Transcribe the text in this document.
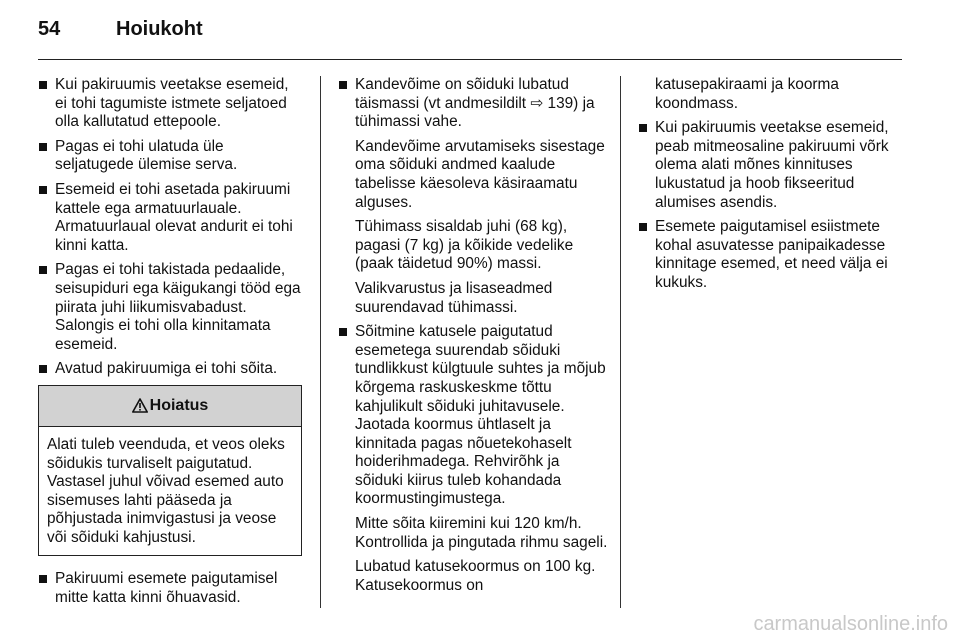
54	Hoiukoht
Kui pakiruumis veetakse esemeid, ei tohi tagumiste istmete seljatoed olla kallutatud ettepoole.
Pagas ei tohi ulatuda üle seljatugede ülemise serva.
Esemeid ei tohi asetada pakiruumi kattele ega armatuurlauale. Armatuurlaual olevat andurit ei tohi kinni katta.
Pagas ei tohi takistada pedaalide, seisupiduri ega käigukangi tööd ega piirata juhi liikumisvabadust. Salongis ei tohi olla kinnitamata esemeid.
Avatud pakiruumiga ei tohi sõita.
Hoiatus
Alati tuleb veenduda, et veos oleks sõidukis turvaliselt paigutatud. Vastasel juhul võivad esemed auto sisemuses lahti pääseda ja põhjustada inimvigastusi ja veose või sõiduki kahjustusi.
Pakiruumi esemete paigutamisel mitte katta kinni õhuavasid.
Kandevõime on sõiduki lubatud täismassi (vt andmesildilt ⇨ 139) ja tühimassi vahe.
Kandevõime arvutamiseks sisestage oma sõiduki andmed kaalude tabelisse käesoleva käsiraamatu alguses.
Tühimass sisaldab juhi (68 kg), pagasi (7 kg) ja kõikide vedelike (paak täidetud 90%) massi.
Valikvarustus ja lisaseadmed suurendavad tühimassi.
Sõitmine katusele paigutatud esemetega suurendab sõiduki tundlikkust külgtuule suhtes ja mõjub kõrgema raskuskeskme tõttu kahjulikult sõiduki juhitavusele. Jaotada koormus ühtlaselt ja kinnitada pagas nõuetekohaselt hoiderihmadega. Rehvirõhk ja sõiduki kiirus tuleb kohandada koormustingimustega.
Mitte sõita kiiremini kui 120 km/h. Kontrollida ja pingutada rihmu sageli.
Lubatud katusekoormus on 100 kg. Katusekoormus on
katusepakiraami ja koorma koondmass.
Kui pakiruumis veetakse esemeid, peab mitmeosaline pakiruumi võrk olema alati mõnes kinnituses lukustatud ja hoob fikseeritud alumises asendis.
Esemete paigutamisel esiistmete kohal asuvatesse panipaikadesse kinnitage esemed, et need välja ei kukuks.
carmanualsonline.info
